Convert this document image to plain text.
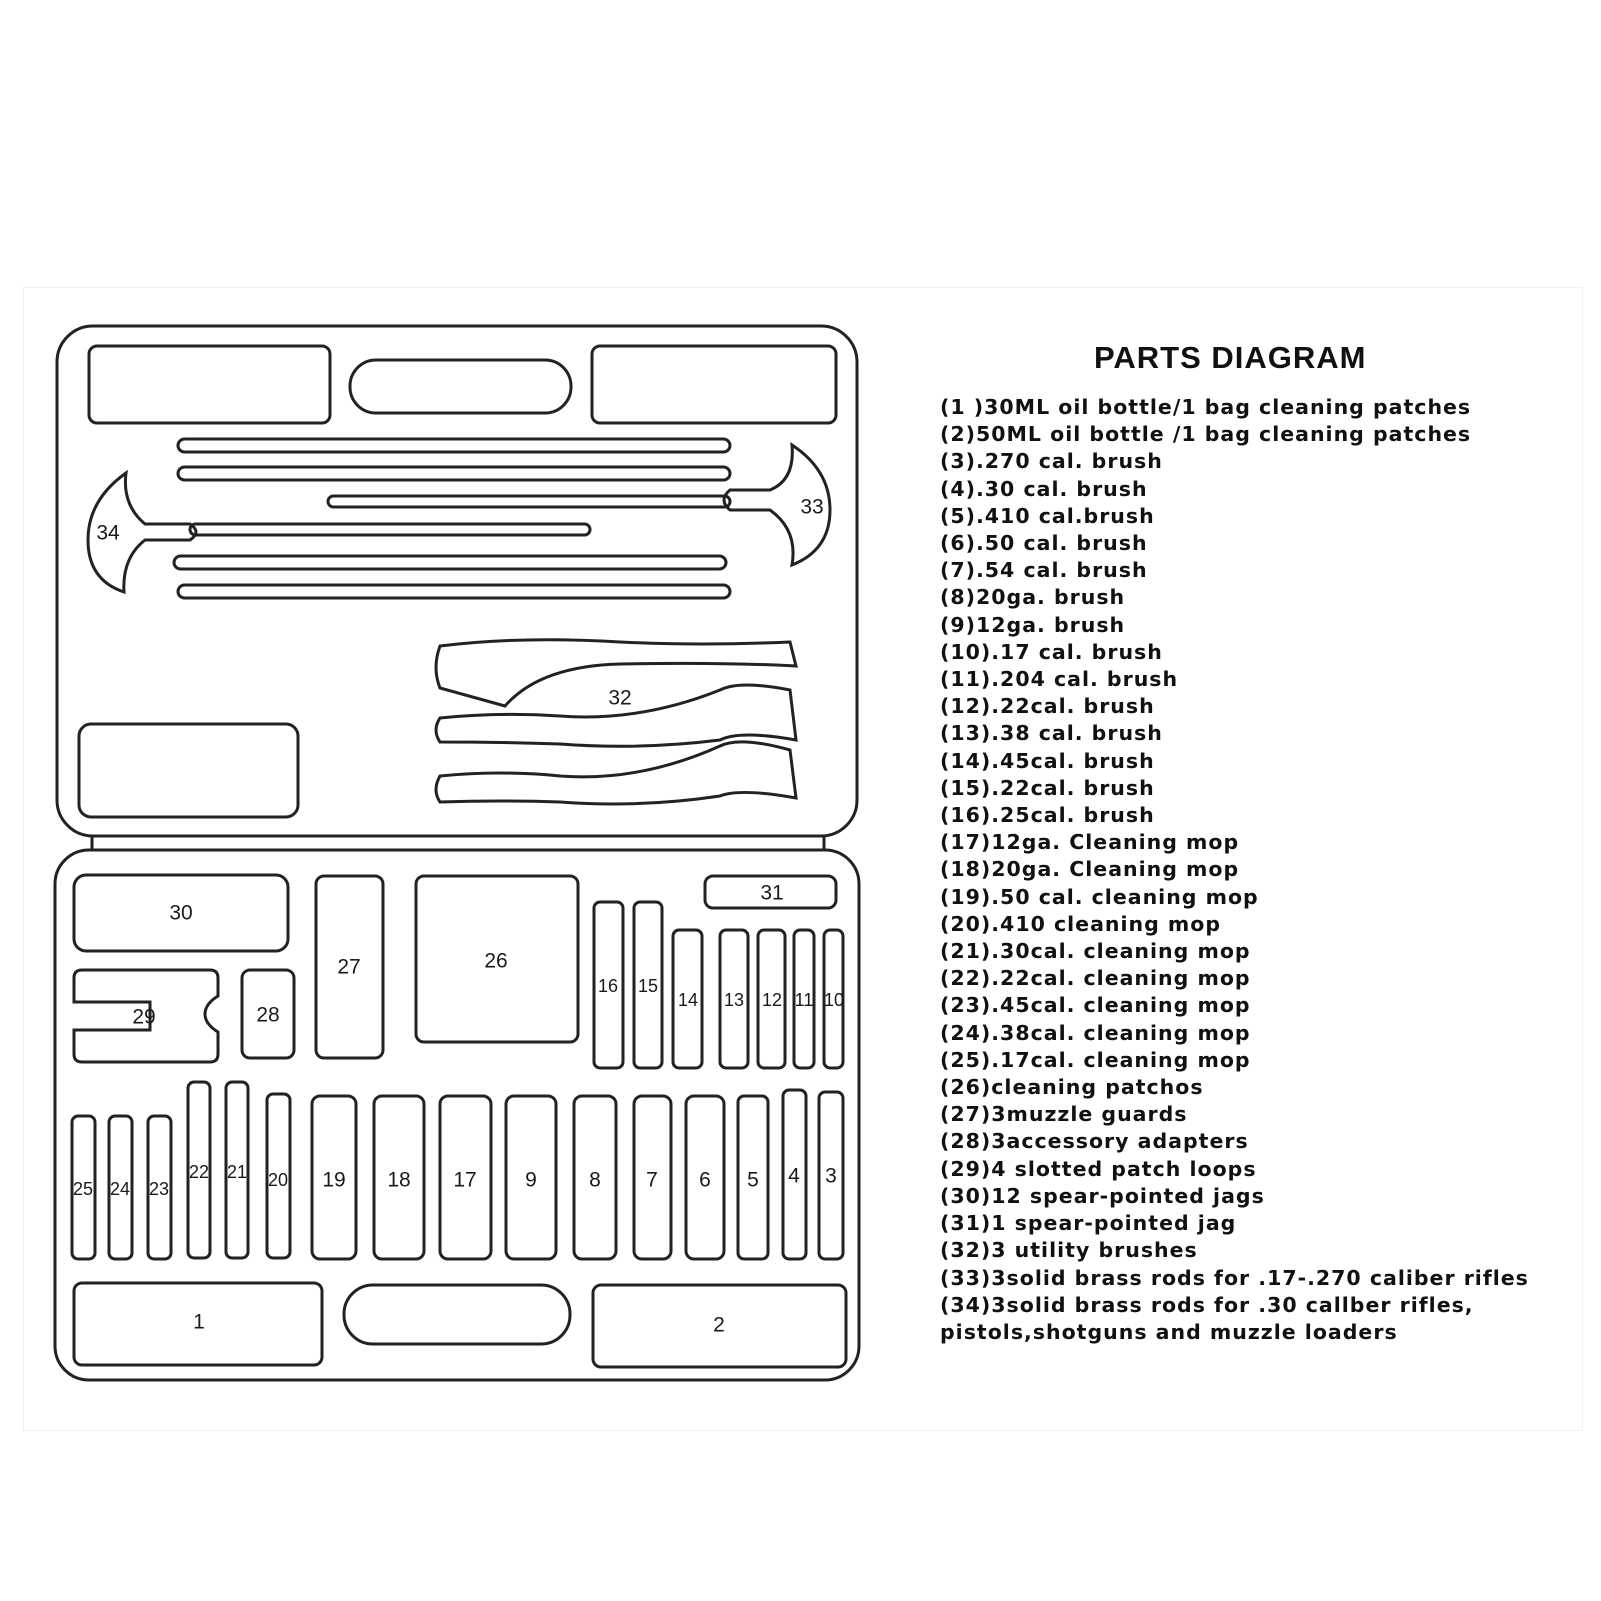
33
34
32
30
27	26
31
29	28
16 15
14 13 12 11 10
25 24 23
22 21 20 19 18 17 9 8 7 6 5 4 3
1	2
PARTS DIAGRAM
(1 )30ML oil bottle/1 bag cleaning patches
(2)50ML oil bottle /1 bag cleaning patches
(3).270 cal. brush
(4).30 cal. brush
(5).410 cal.brush
(6).50 cal. brush
(7).54 cal. brush
(8)20ga. brush
(9)12ga. brush
(10).17 cal. brush
(11).204 cal. brush
(12).22cal. brush
(13).38 cal. brush
(14).45cal. brush
(15).22cal. brush
(16).25cal. brush
(17)12ga. Cleaning mop
(18)20ga. Cleaning mop
(19).50 cal. cleaning mop
(20).410 cleaning mop
(21).30cal. cleaning mop
(22).22cal. cleaning mop
(23).45cal. cleaning mop
(24).38cal. cleaning mop
(25).17cal. cleaning mop
(26)cleaning patchos
(27)3muzzle guards
(28)3accessory adapters
(29)4 slotted patch loops
(30)12 spear-pointed jags
(31)1 spear-pointed jag
(32)3 utility brushes
(33)3solid brass rods for .17-.270 caliber rifles
(34)3solid brass rods for .30 callber rifles,
pistols,shotguns and muzzle loaders
